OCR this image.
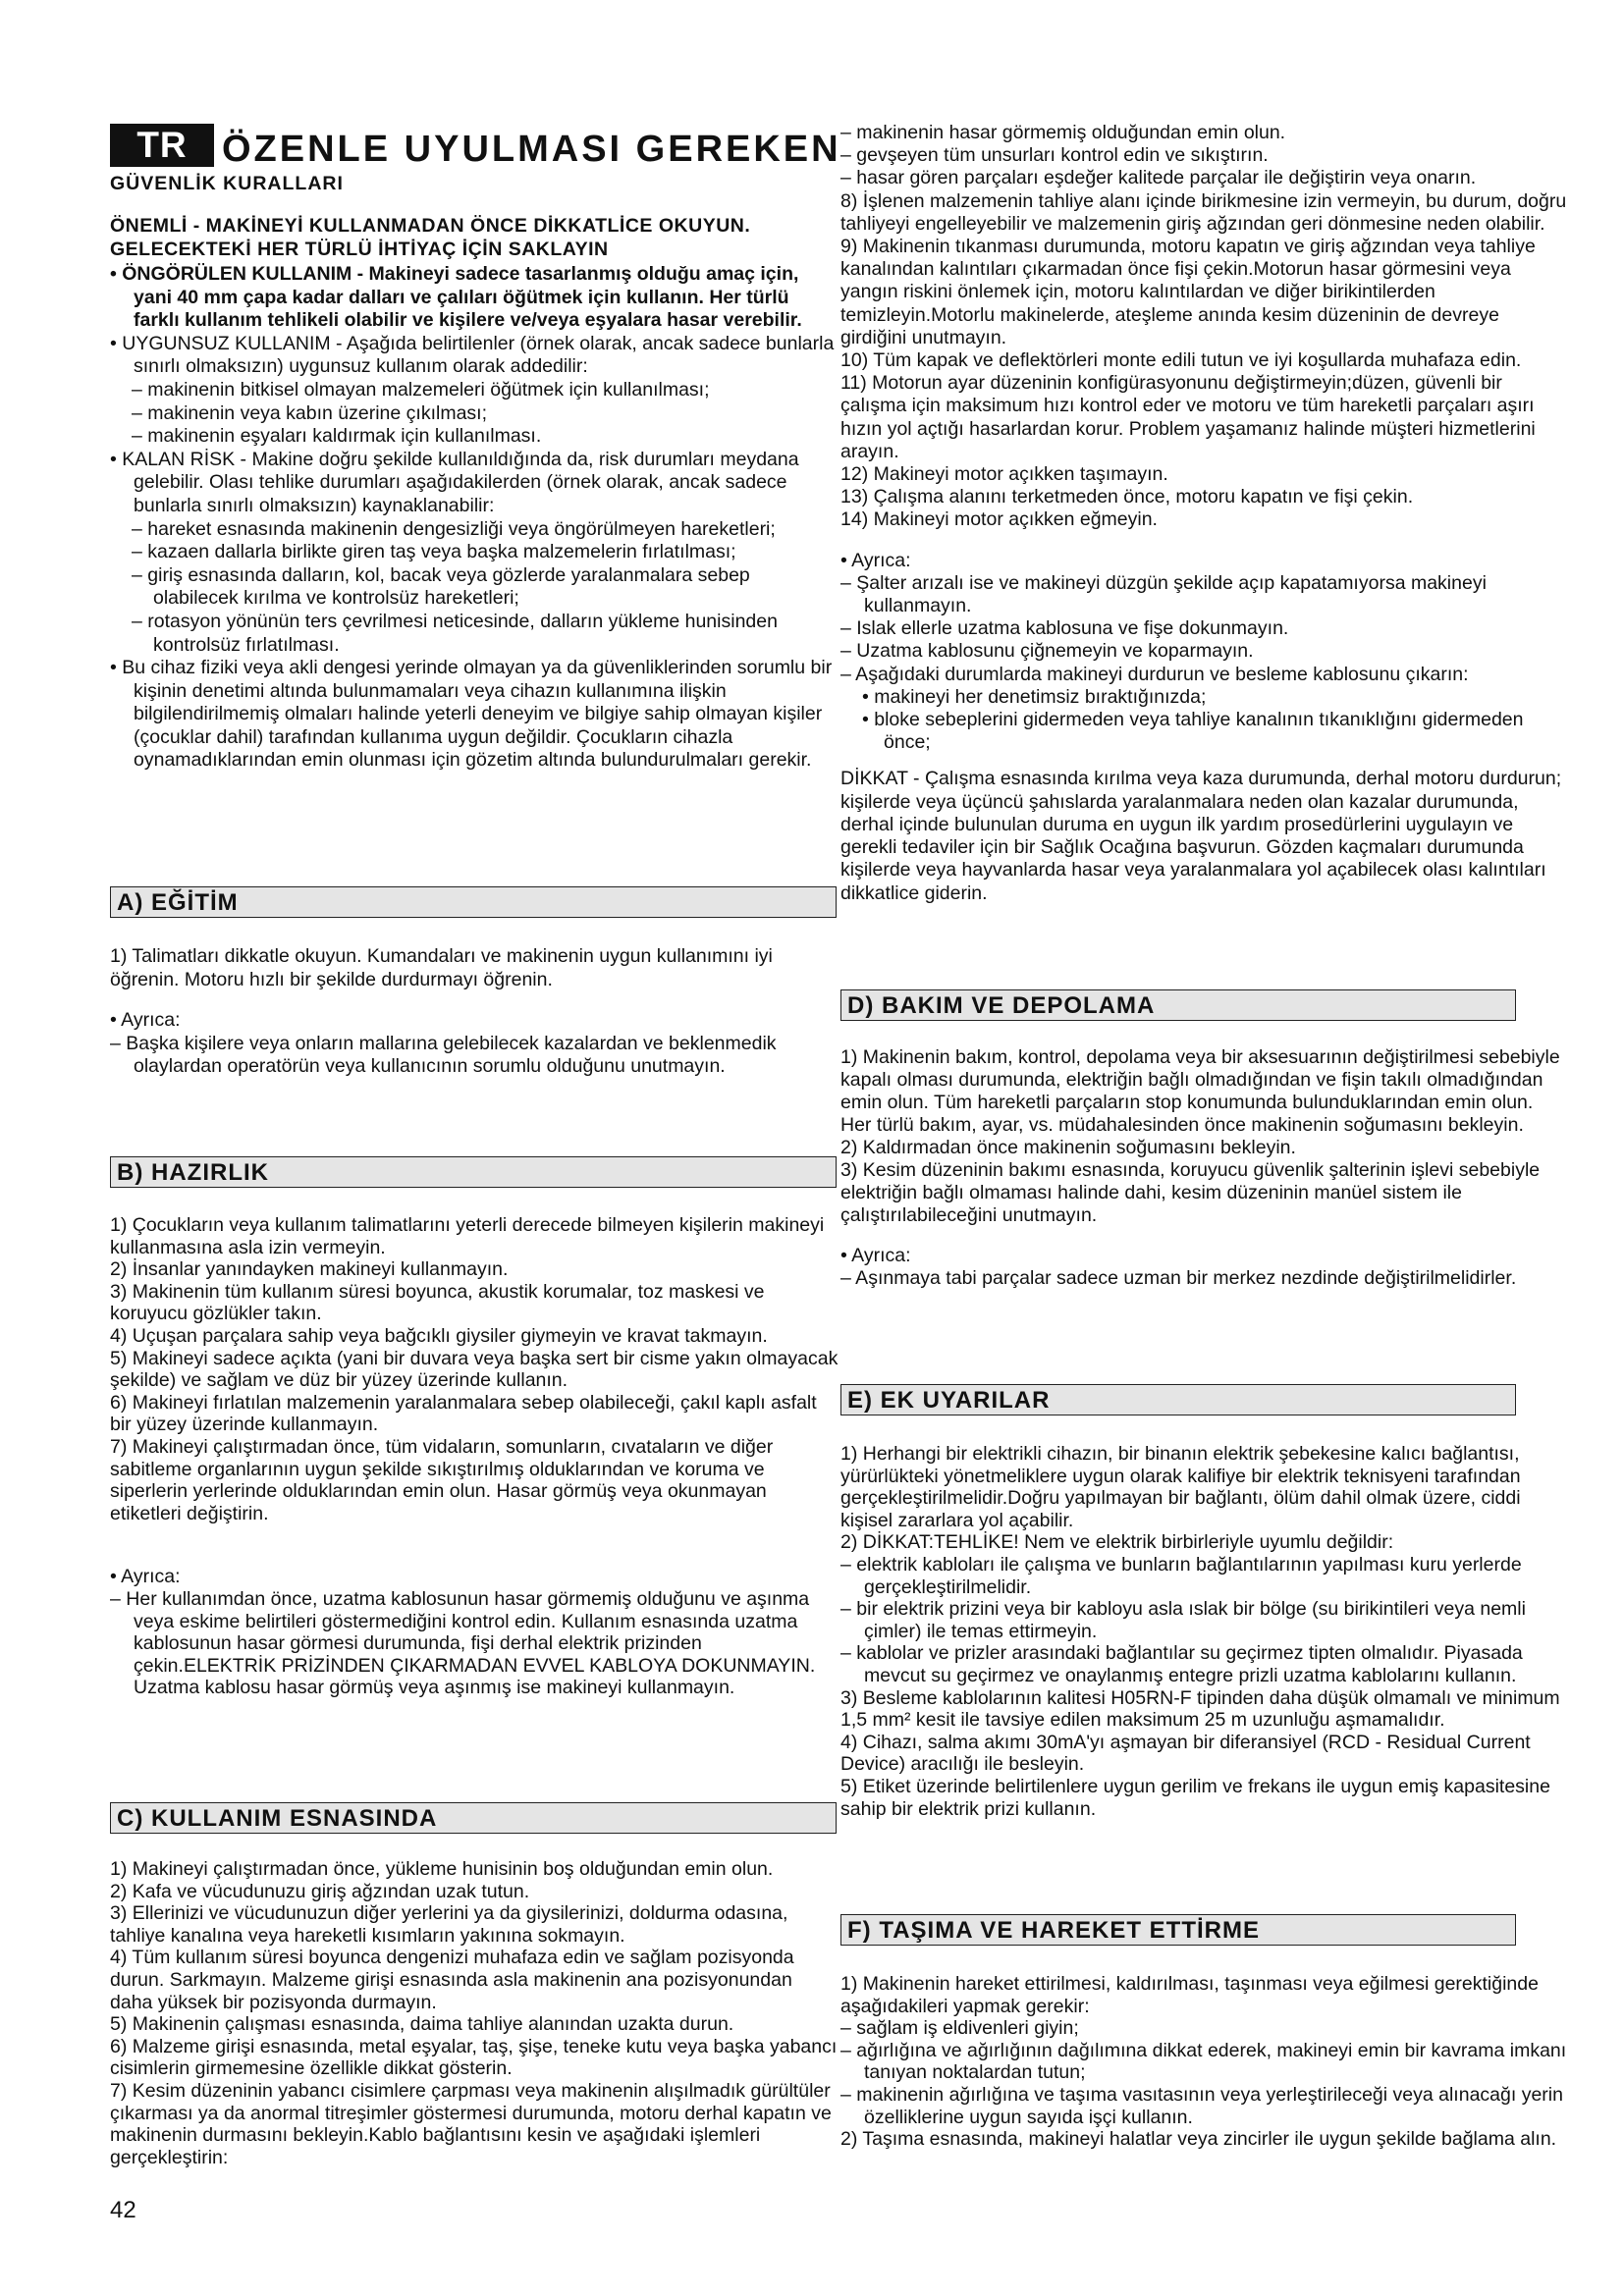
TR ÖZENLE UYULMASI GEREKEN
GÜVENLİK KURALLARI

ÖNEMLİ - MAKİNEYİ KULLANMADAN ÖNCE DİKKATLİCE OKUYUN.

GELECEKTEKİ HER TÜRLÜ İHTİYAÇ İÇİN SAKLAYIN

• ÖNGÖRÜLEN KULLANIM - Makineyi sadece tasarlanmış olduğu amaç için, yani 40 mm çapa kadar dalları ve çalıları öğütmek için kullanın. Her türlü farklı kullanım tehlikeli olabilir ve kişilere ve/veya eşyalara hasar verebilir.

• UYGUNSUZ KULLANIM - Aşağıda belirtilenler (örnek olarak, ancak sadece bunlarla sınırlı olmaksızın) uygunsuz kullanım olarak addedilir:

– makinenin bitkisel olmayan malzemeleri öğütmek için kullanılması;

– makinenin veya kabın üzerine çıkılması;

– makinenin eşyaları kaldırmak için kullanılması.

• KALAN RİSK - Makine doğru şekilde kullanıldığında da, risk durumları meydana gelebilir. Olası tehlike durumları aşağıdakilerden (örnek olarak, ancak sadece bunlarla sınırlı olmaksızın) kaynaklanabilir:

– hareket esnasında makinenin dengesizliği veya öngörülmeyen hareketleri;

– kazaen dallarla birlikte giren taş veya başka malzemelerin fırlatılması;

– giriş esnasında dalların, kol, bacak veya gözlerde yaralanmalara sebep olabilecek kırılma ve kontrolsüz hareketleri;

– rotasyon yönünün ters çevrilmesi neticesinde, dalların yükleme hunisinden kontrolsüz fırlatılması.

• Bu cihaz fiziki veya akli dengesi yerinde olmayan ya da güvenliklerinden sorumlu bir kişinin denetimi altında bulunmamaları veya cihazın kullanımına ilişkin bilgilendirilmemiş olmaları halinde yeterli deneyim ve bilgiye sahip olmayan kişiler (çocuklar dahil) tarafından kullanıma uygun değildir. Çocukların cihazla oynamadıklarından emin olunması için gözetim altında bulundurulmaları gerekir.

A) EĞİTİM

1) Talimatları dikkatle okuyun. Kumandaları ve makinenin uygun kullanımını iyi öğrenin. Motoru hızlı bir şekilde durdurmayı öğrenin.

• Ayrıca:

– Başka kişilere veya onların mallarına gelebilecek kazalardan ve beklenmedik olaylardan operatörün veya kullanıcının sorumlu olduğunu unutmayın.

B) HAZIRLIK

1) Çocukların veya kullanım talimatlarını yeterli derecede bilmeyen kişilerin makineyi kullanmasına asla izin vermeyin.

2) İnsanlar yanındayken makineyi kullanmayın.

3) Makinenin tüm kullanım süresi boyunca, akustik korumalar, toz maskesi ve koruyucu gözlükler takın.

4) Uçuşan parçalara sahip veya bağcıklı giysiler giymeyin ve kravat takmayın.

5) Makineyi sadece açıkta (yani bir duvara veya başka sert bir cisme yakın olmayacak şekilde) ve sağlam ve düz bir yüzey üzerinde kullanın.

6) Makineyi fırlatılan malzemenin yaralanmalara sebep olabileceği, çakıl kaplı asfalt bir yüzey üzerinde kullanmayın.

7) Makineyi çalıştırmadan önce, tüm vidaların, somunların, cıvataların ve diğer sabitleme organlarının uygun şekilde sıkıştırılmış olduklarından ve koruma ve siperlerin yerlerinde olduklarından emin olun. Hasar görmüş veya okunmayan etiketleri değiştirin.

• Ayrıca:

– Her kullanımdan önce, uzatma kablosunun hasar görmemiş olduğunu ve aşınma veya eskime belirtileri göstermediğini kontrol edin. Kullanım esnasında uzatma kablosunun hasar görmesi durumunda, fişi derhal elektrik prizinden çekin.ELEKTRİK PRİZİNDEN ÇIKARMADAN EVVEL KABLOYA DOKUNMAYIN. Uzatma kablosu hasar görmüş veya aşınmış ise makineyi kullanmayın.

C) KULLANIM ESNASINDA

1) Makineyi çalıştırmadan önce, yükleme hunisinin boş olduğundan emin olun.

2) Kafa ve vücudunuzu giriş ağzından uzak tutun.

3) Ellerinizi ve vücudunuzun diğer yerlerini ya da giysilerinizi, doldurma odasına, tahliye kanalına veya hareketli kısımların yakınına sokmayın.

4) Tüm kullanım süresi boyunca dengenizi muhafaza edin ve sağlam pozisyonda durun. Sarkmayın. Malzeme girişi esnasında asla makinenin ana pozisyonundan daha yüksek bir pozisyonda durmayın.

5) Makinenin çalışması esnasında, daima tahliye alanından uzakta durun.

6) Malzeme girişi esnasında, metal eşyalar, taş, şişe, teneke kutu veya başka yabancı cisimlerin girmemesine özellikle dikkat gösterin.

7) Kesim düzeninin yabancı cisimlere çarpması veya makinenin alışılmadık gürültüler çıkarması ya da anormal titreşimler göstermesi durumunda, motoru derhal kapatın ve makinenin durmasını bekleyin.Kablo bağlantısını kesin ve aşağıdaki işlemleri gerçekleştirin:

– makinenin hasar görmemiş olduğundan emin olun.

– gevşeyen tüm unsurları kontrol edin ve sıkıştırın.

– hasar gören parçaları eşdeğer kalitede parçalar ile değiştirin veya onarın.

8) İşlenen malzemenin tahliye alanı içinde birikmesine izin vermeyin, bu durum, doğru tahliyeyi engelleyebilir ve malzemenin giriş ağzından geri dönmesine neden olabilir.

9) Makinenin tıkanması durumunda, motoru kapatın ve giriş ağzından veya tahliye kanalından kalıntıları çıkarmadan önce fişi çekin.Motorun hasar görmesini veya yangın riskini önlemek için, motoru kalıntılardan ve diğer birikintilerden temizleyin.Motorlu makinelerde, ateşleme anında kesim düzeninin de devreye girdiğini unutmayın.

10) Tüm kapak ve deflektörleri monte edili tutun ve iyi koşullarda muhafaza edin.

11) Motorun ayar düzeninin konfigürasyonunu değiştirmeyin;düzen, güvenli bir çalışma için maksimum hızı kontrol eder ve motoru ve tüm hareketli parçaları aşırı hızın yol açtığı hasarlardan korur. Problem yaşamanız halinde müşteri hizmetlerini arayın.

12) Makineyi motor açıkken taşımayın.

13) Çalışma alanını terketmeden önce, motoru kapatın ve fişi çekin.

14) Makineyi motor açıkken eğmeyin.

• Ayrıca:

– Şalter arızalı ise ve makineyi düzgün şekilde açıp kapatamıyorsa makineyi kullanmayın.

– Islak ellerle uzatma kablosuna ve fişe dokunmayın.

– Uzatma kablosunu çiğnemeyin ve koparmayın.

– Aşağıdaki durumlarda makineyi durdurun ve besleme kablosunu çıkarın:

• makineyi her denetimsiz bıraktığınızda;

• bloke sebeplerini gidermeden veya tahliye kanalının tıkanıklığını gidermeden önce;

DİKKAT - Çalışma esnasında kırılma veya kaza durumunda, derhal motoru durdurun; kişilerde veya üçüncü şahıslarda yaralanmalara neden olan kazalar durumunda, derhal içinde bulunulan duruma en uygun ilk yardım prosedürlerini uygulayın ve gerekli tedaviler için bir Sağlık Ocağına başvurun. Gözden kaçmaları durumunda kişilerde veya hayvanlarda hasar veya yaralanmalara yol açabilecek olası kalıntıları dikkatlice giderin.

D) BAKIM VE DEPOLAMA

1) Makinenin bakım, kontrol, depolama veya bir aksesuarının değiştirilmesi sebebiyle kapalı olması durumunda, elektriğin bağlı olmadığından ve fişin takılı olmadığından emin olun. Tüm hareketli parçaların stop konumunda bulunduklarından emin olun. Her türlü bakım, ayar, vs. müdahalesinden önce makinenin soğumasını bekleyin.

2) Kaldırmadan önce makinenin soğumasını bekleyin.

3) Kesim düzeninin bakımı esnasında, koruyucu güvenlik şalterinin işlevi sebebiyle elektriğin bağlı olmaması halinde dahi, kesim düzeninin manüel sistem ile çalıştırılabileceğini unutmayın.

• Ayrıca:

– Aşınmaya tabi parçalar sadece uzman bir merkez nezdinde değiştirilmelidirler.

E) EK UYARILAR

1) Herhangi bir elektrikli cihazın, bir binanın elektrik şebekesine kalıcı bağlantısı, yürürlükteki yönetmeliklere uygun olarak kalifiye bir elektrik teknisyeni tarafından gerçekleştirilmelidir.Doğru yapılmayan bir bağlantı, ölüm dahil olmak üzere, ciddi kişisel zararlara yol açabilir.

2) DİKKAT:TEHLİKE! Nem ve elektrik birbirleriyle uyumlu değildir:

– elektrik kabloları ile çalışma ve bunların bağlantılarının yapılması kuru yerlerde gerçekleştirilmelidir.

– bir elektrik prizini veya bir kabloyu asla ıslak bir bölge (su birikintileri veya nemli çimler) ile temas ettirmeyin.

– kablolar ve prizler arasındaki bağlantılar su geçirmez tipten olmalıdır. Piyasada mevcut su geçirmez ve onaylanmış entegre prizli uzatma kablolarını kullanın.

3) Besleme kablolarının kalitesi H05RN-F tipinden daha düşük olmamalı ve minimum 1,5 mm² kesit ile tavsiye edilen maksimum 25 m uzunluğu aşmamalıdır.

4) Cihazı, salma akımı 30mA'yı aşmayan bir diferansiyel (RCD - Residual Current Device) aracılığı ile besleyin.

5) Etiket üzerinde belirtilenlere uygun gerilim ve frekans ile uygun emiş kapasitesine sahip bir elektrik prizi kullanın.

F) TAŞIMA VE HAREKET ETTİRME

1) Makinenin hareket ettirilmesi, kaldırılması, taşınması veya eğilmesi gerektiğinde aşağıdakileri yapmak gerekir:

– sağlam iş eldivenleri giyin;

– ağırlığına ve ağırlığının dağılımına dikkat ederek, makineyi emin bir kavrama imkanı tanıyan noktalardan tutun;

– makinenin ağırlığına ve taşıma vasıtasının veya yerleştirileceği veya alınacağı yerin özelliklerine uygun sayıda işçi kullanın.

2) Taşıma esnasında, makineyi halatlar veya zincirler ile uygun şekilde bağlama alın.

42
